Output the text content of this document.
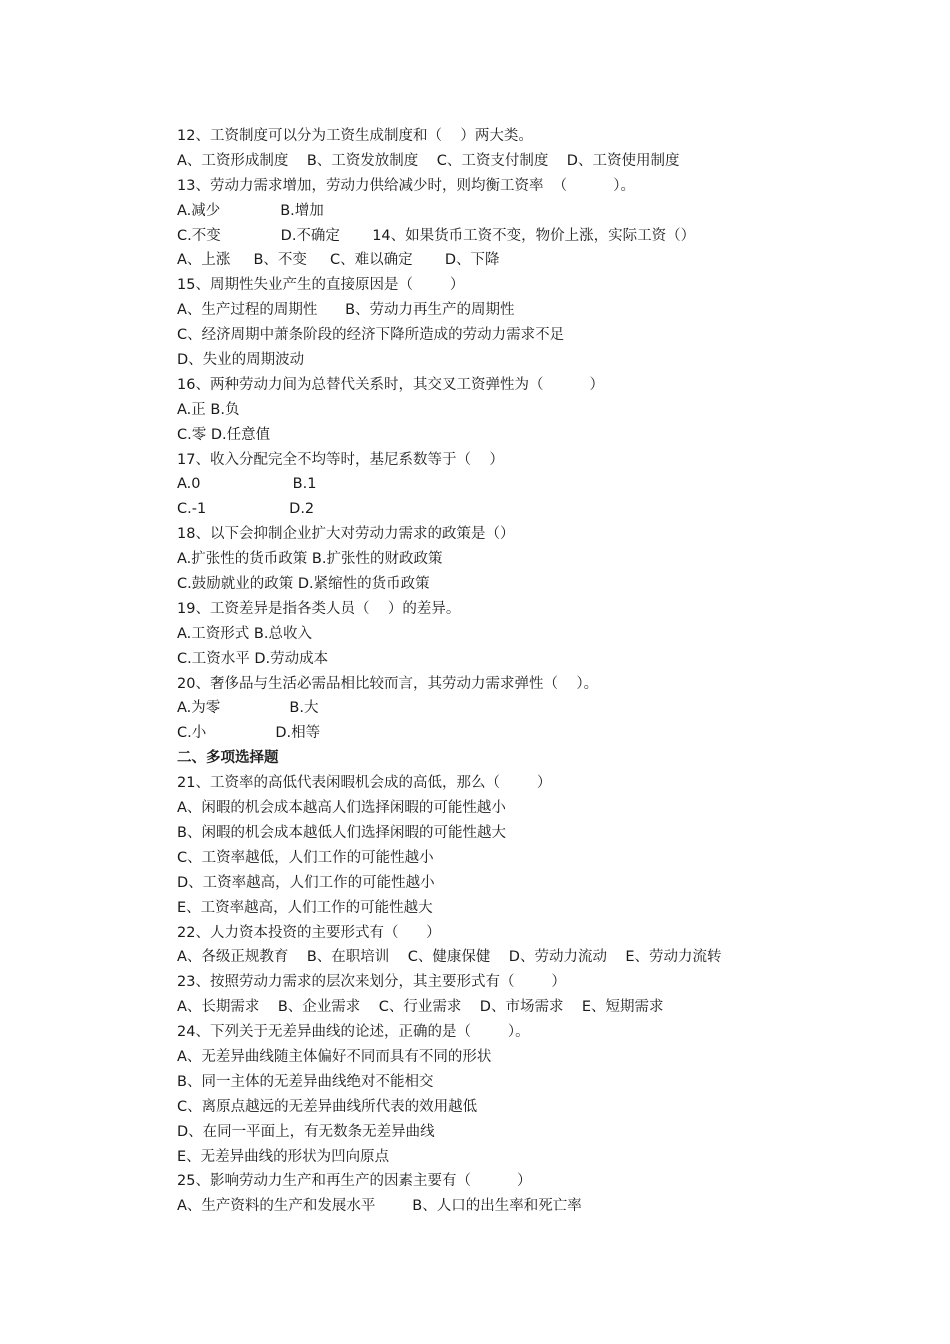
12、工资制度可以分为工资生成制度和（    ）两大类。
A、工资形成制度    B、工资发放制度    C、工资支付制度    D、工资使用制度
13、劳动力需求增加，劳动力供给减少时，则均衡工资率  （          ）。
A.减少             B.增加
C.不变             D.不确定       14、如果货币工资不变，物价上涨，实际工资（）
A、上涨     B、不变     C、难以确定       D、下降
15、周期性失业产生的直接原因是（        ）
A、生产过程的周期性      B、劳动力再生产的周期性
C、经济周期中萧条阶段的经济下降所造成的劳动力需求不足
D、失业的周期波动
16、两种劳动力间为总替代关系时，其交叉工资弹性为（          ）
A.正 B.负
C.零 D.任意值
17、收入分配完全不均等时，基尼系数等于（    ）
A.0                    B.1
C.-1                  D.2
18、以下会抑制企业扩大对劳动力需求的政策是（）
A.扩张性的货币政策 B.扩张性的财政政策
C.鼓励就业的政策 D.紧缩性的货币政策
19、工资差异是指各类人员（    ）的差异。
A.工资形式 B.总收入
C.工资水平 D.劳动成本
20、奢侈品与生活必需品相比较而言，其劳动力需求弹性（    ）。
A.为零               B.大
C.小               D.相等
二、多项选择题
21、工资率的高低代表闲暇机会成的高低，那么（        ）
A、闲暇的机会成本越高人们选择闲暇的可能性越小
B、闲暇的机会成本越低人们选择闲暇的可能性越大
C、工资率越低，人们工作的可能性越小
D、工资率越高，人们工作的可能性越小
E、工资率越高，人们工作的可能性越大
22、人力资本投资的主要形式有（      ）
A、各级正规教育    B、在职培训    C、健康保健    D、劳动力流动    E、劳动力流转
23、按照劳动力需求的层次来划分，其主要形式有（        ）
A、长期需求    B、企业需求    C、行业需求    D、市场需求    E、短期需求
24、下列关于无差异曲线的论述，正确的是（        ）。
A、无差异曲线随主体偏好不同而具有不同的形状
B、同一主体的无差异曲线绝对不能相交
C、离原点越远的无差异曲线所代表的效用越低
D、在同一平面上，有无数条无差异曲线
E、无差异曲线的形状为凹向原点
25、影响劳动力生产和再生产的因素主要有（          ）
A、生产资料的生产和发展水平        B、人口的出生率和死亡率
